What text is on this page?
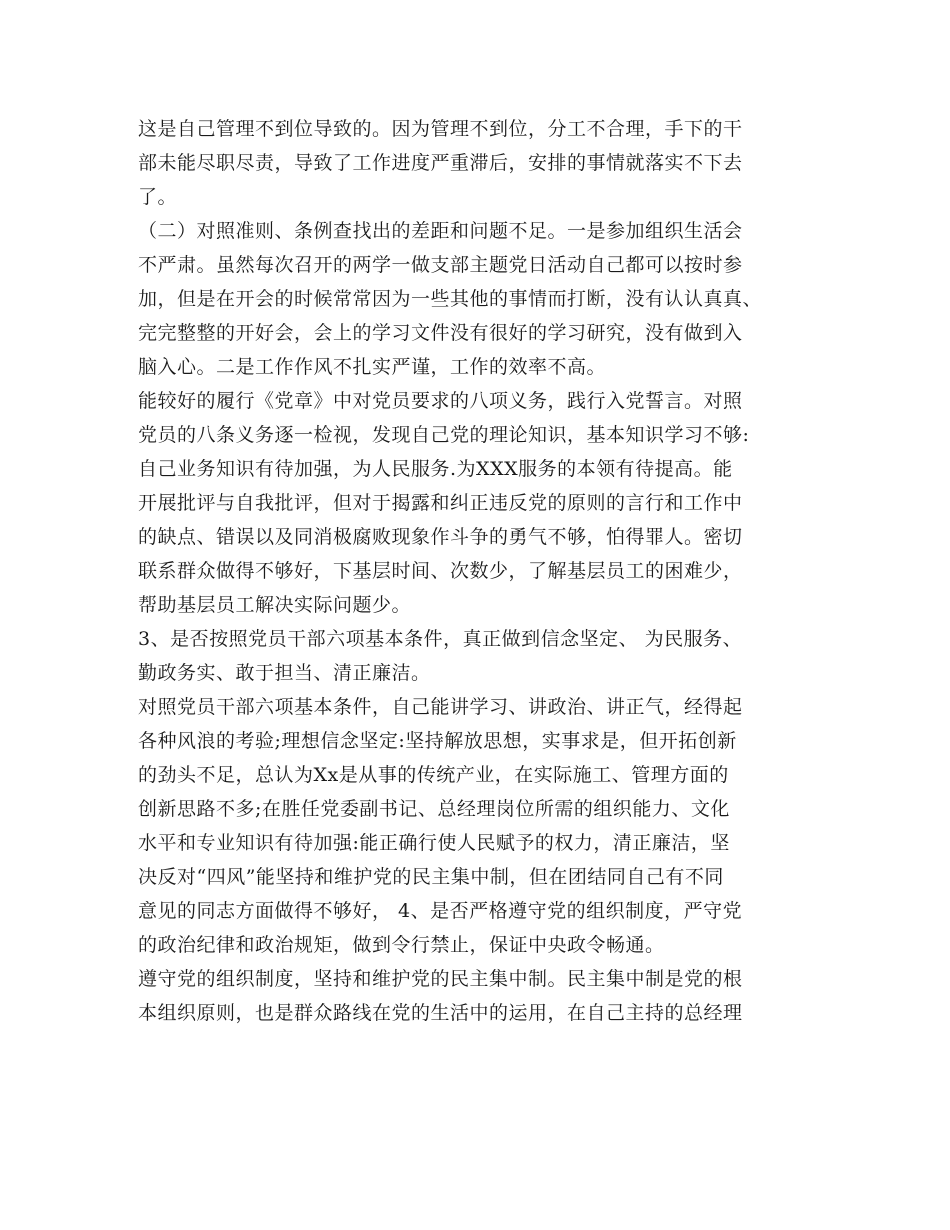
这是自己管理不到位导致的。因为管理不到位，分工不合理，手下的干
部未能尽职尽责，导致了工作进度严重滞后，安排的事情就落实不下去
了。
（二）对照准则、条例查找出的差距和问题不足。一是参加组织生活会
不严肃。虽然每次召开的两学一做支部主题党日活动自己都可以按时参
加，但是在开会的时候常常因为一些其他的事情而打断，没有认认真真、
完完整整的开好会，会上的学习文件没有很好的学习研究，没有做到入
脑入心。二是工作作风不扎实严谨，工作的效率不高。
能较好的履行《党章》中对党员要求的八项义务，践行入党誓言。对照
党员的八条义务逐一检视，发现自己党的理论知识，基本知识学习不够:
自己业务知识有待加强，为人民服务.为XXX服务的本领有待提高。能
开展批评与自我批评，但对于揭露和纠正违反党的原则的言行和工作中
的缺点、错误以及同消极腐败现象作斗争的勇气不够，怕得罪人。密切
联系群众做得不够好，下基层时间、次数少，了解基层员工的困难少，
帮助基层员工解决实际问题少。
3、是否按照党员干部六项基本条件，真正做到信念坚定、 为民服务、
勤政务实、敢于担当、清正廉洁。
对照党员干部六项基本条件，自己能讲学习、讲政治、讲正气，经得起
各种风浪的考验;理想信念坚定:坚持解放思想，实事求是，但开拓创新
的劲头不足，总认为Xx是从事的传统产业，在实际施工、管理方面的
创新思路不多;在胜任党委副书记、总经理岗位所需的组织能力、文化
水平和专业知识有待加强:能正确行使人民赋予的权力，清正廉洁，坚
决反对“四风”能坚持和维护党的民主集中制，但在团结同自己有不同
意见的同志方面做得不够好， 4、是否严格遵守党的组织制度，严守党
的政治纪律和政治规矩，做到令行禁止，保证中央政令畅通。
遵守党的组织制度，坚持和维护党的民主集中制。民主集中制是党的根
本组织原则，也是群众路线在党的生活中的运用，在自己主持的总经理
